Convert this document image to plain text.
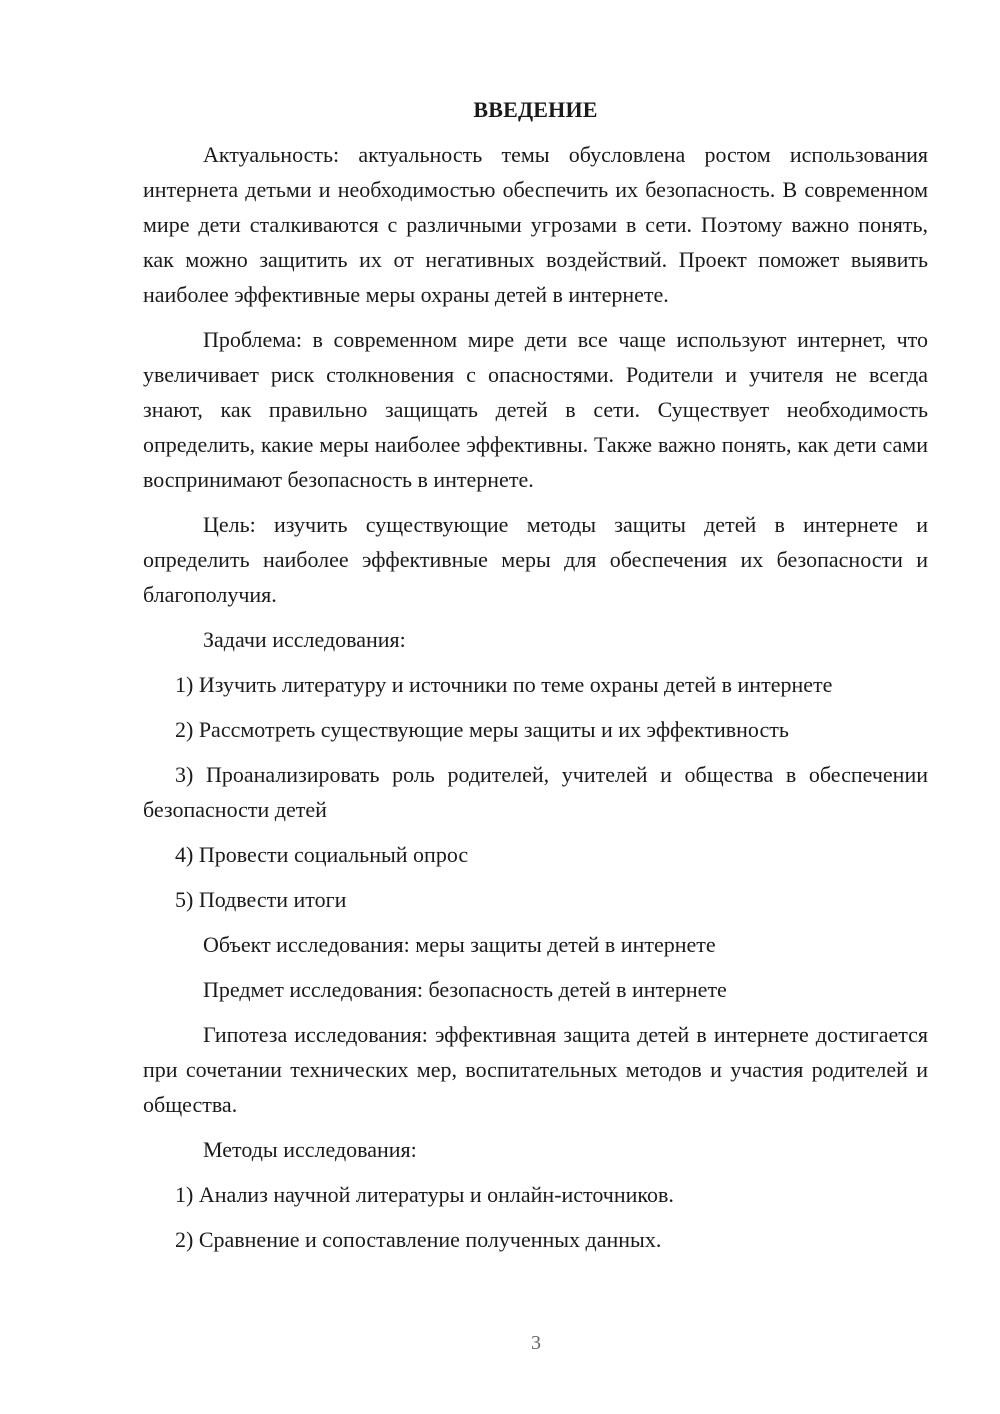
ВВЕДЕНИЕ

Актуальность: актуальность темы обусловлена ростом использования интернета детьми и необходимостью обеспечить их безопасность. В современном мире дети сталкиваются с различными угрозами в сети. Поэтому важно понять, как можно защитить их от негативных воздействий. Проект поможет выявить наиболее эффективные меры охраны детей в интернете.

Проблема: в современном мире дети все чаще используют интернет, что увеличивает риск столкновения с опасностями. Родители и учителя не всегда знают, как правильно защищать детей в сети. Существует необходимость определить, какие меры наиболее эффективны. Также важно понять, как дети сами воспринимают безопасность в интернете.

Цель: изучить существующие методы защиты детей в интернете и определить наиболее эффективные меры для обеспечения их безопасности и благополучия.

Задачи исследования:

1) Изучить литературу и источники по теме охраны детей в интернете

2) Рассмотреть существующие меры защиты и их эффективность

3) Проанализировать роль родителей, учителей и общества в обеспечении безопасности детей

4) Провести социальный опрос

5) Подвести итоги

Объект исследования: меры защиты детей в интернете

Предмет исследования: безопасность детей в интернете

Гипотеза исследования: эффективная защита детей в интернете достигается при сочетании технических мер, воспитательных методов и участия родителей и общества.

Методы исследования:

1) Анализ научной литературы и онлайн-источников.

2) Сравнение и сопоставление полученных данных.

3
